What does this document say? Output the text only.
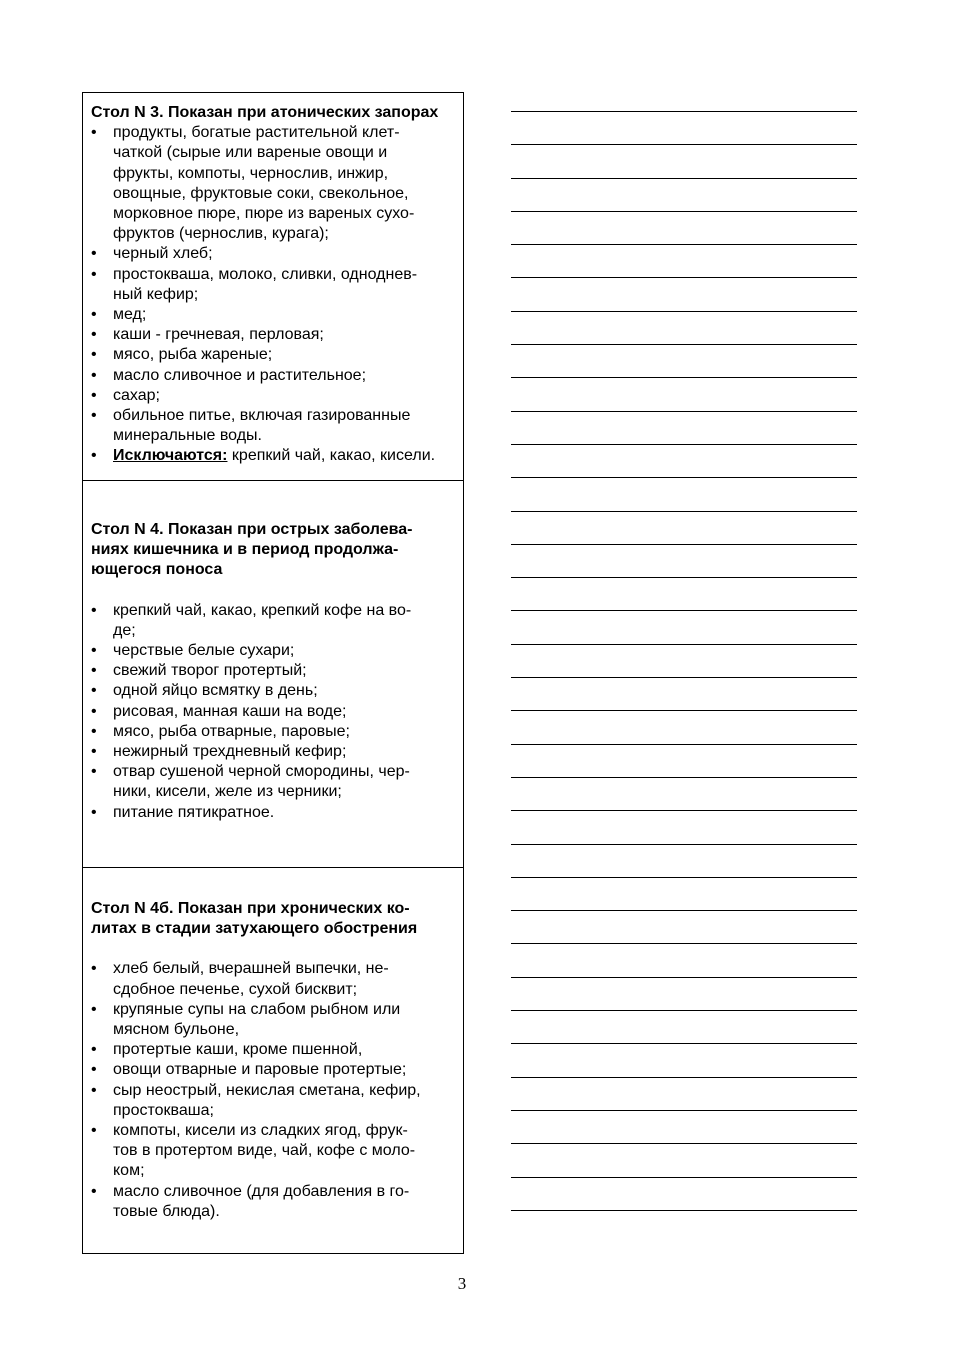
Стол N 3. Показан при атонических запорах

• продукты, богатые растительной клет-
чаткой (сырые или вареные овощи и
фрукты, компоты, чернослив, инжир,
овощные, фруктовые соки, свекольное,
морковное пюре, пюре из вареных сухо-
фруктов (чернослив, курага);
• черный хлеб;
• простокваша, молоко, сливки, одноднев-
ный кефир;
• мед;
• каши - гречневая, перловая;
• мясо, рыба жареные;
• масло сливочное и растительное;
• сахар;
• обильное питье, включая газированные
минеральные воды.
• Исключаются: крепкий чай, какао, кисели.

Стол N 4. Показан при острых заболева-
ниях кишечника и в период продолжа-
ющегося поноса

• крепкий чай, какао, крепкий кофе на во-
де;
• черствые белые сухари;
• свежий творог протертый;
• одной яйцо всмятку в день;
• рисовая, манная каши на воде;
• мясо, рыба отварные, паровые;
• нежирный трехдневный кефир;
• отвар сушеной черной смородины, чер-
ники, кисели, желе из черники;
• питание пятикратное.

Стол N 4б. Показан при хронических ко-
литах в стадии затухающего обострения

• хлеб белый, вчерашней выпечки, не-
сдобное печенье, сухой бисквит;
• крупяные супы на слабом рыбном или
мясном бульоне,
• протертые каши, кроме пшенной,
• овощи отварные и паровые протертые;
• сыр неострый, некислая сметана, кефир,
простокваша;
• компоты, кисели из сладких ягод, фрук-
тов в протертом виде, чай, кофе с моло-
ком;
• масло сливочное (для добавления в го-
товые блюда).
3
